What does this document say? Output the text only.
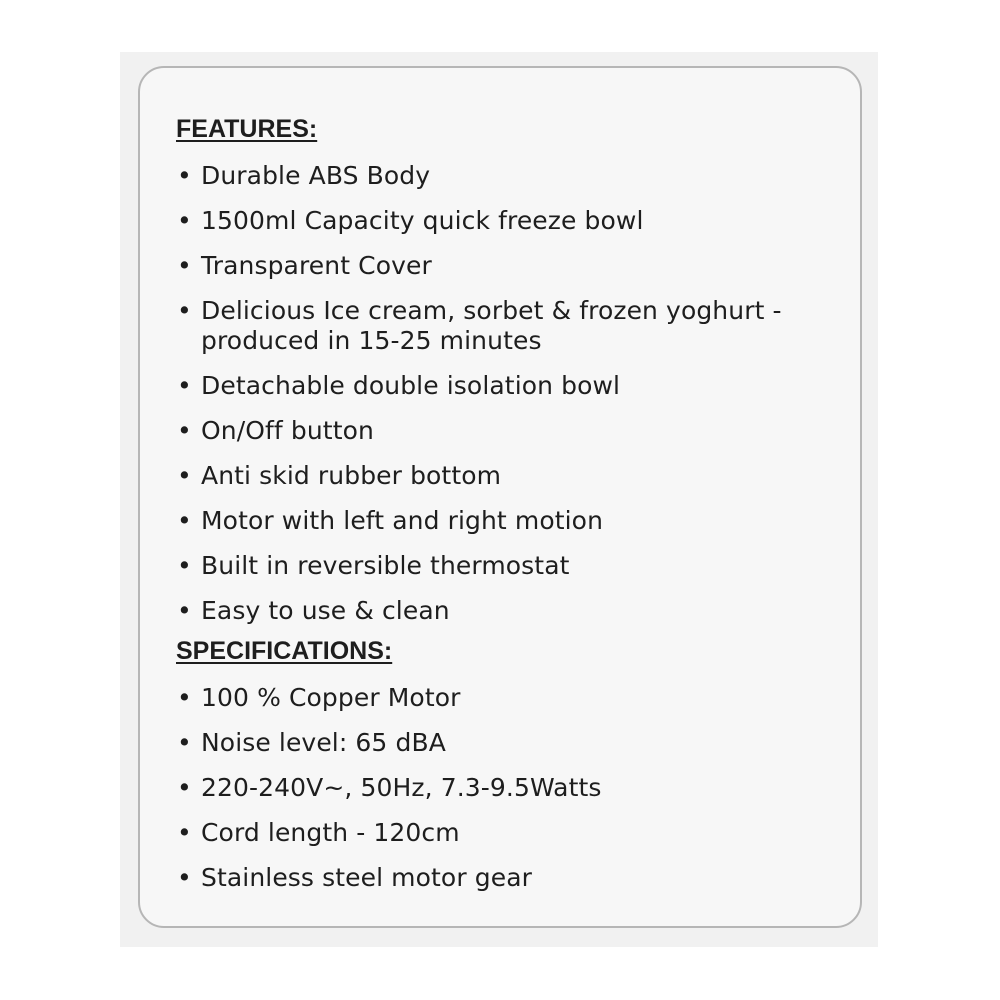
FEATURES:
• Durable ABS Body
• 1500ml Capacity quick freeze bowl
• Transparent Cover
• Delicious Ice cream, sorbet & frozen yoghurt - produced in 15-25 minutes
• Detachable double isolation bowl
• On/Off button
• Anti skid rubber bottom
• Motor with left and right motion
• Built in reversible thermostat
• Easy to use & clean
SPECIFICATIONS:
• 100 % Copper Motor
• Noise level: 65 dBA
• 220-240V~, 50Hz, 7.3-9.5Watts
• Cord length - 120cm
• Stainless steel motor gear
